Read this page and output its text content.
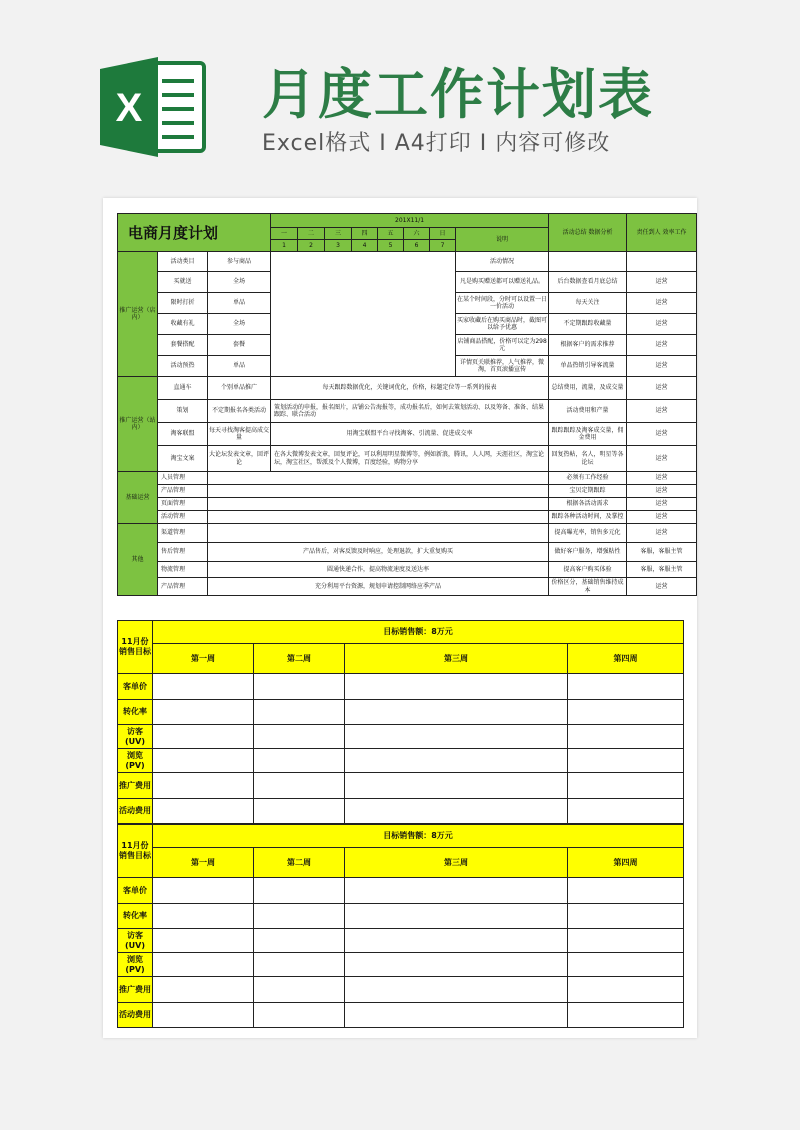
X 月度工作计划表
Excel格式 I A4打印 I 内容可修改
电商月度计划			201X11/1								活动总结 数据分析	责任到人 效率工作
			一	二	三	四	五	六	日	说明		
			1	2	3	4	5	6	7			
推广运营（店内）	活动类目	参与商品								活动情况		
	买就送	全场								凡是购买赠送都可以赠送礼品。	后台数据查看月底总结	运营
	限时打折	单品								在某个时间段，分时可以设置一日一价活动	每天关注	运营
	收藏有礼	全场								买家收藏后在购买商品时，截图可以给予优惠	不定期跟踪收藏量	运营
	套餐搭配	套餐								店铺商品搭配，价格可以定为298元	根据客户的需求推荐	运营
	活动预热	单品								详情页关联推荐，人气推荐，微淘，首页滚播宣传	单品热销引导客流量	运营
推广运营（站内）	直通车	个别单品推广	每天跟踪数据优化，关键词优化，价格，标题定位等一系列的报表								总结费用，流量，及成交量	运营
	策划	不定期报名各类活动	策划活动的申报，报名图片，店铺公告海报等，成功报名后，如何去策划活动、以及筹备、准备、结果跟踪、联合活动								活动费用和产量	运营
	淘客联盟	每天寻找淘客提高成交量	用淘宝联盟平台寻找淘客、引流量、促进成交率								跟踪跟踪及淘客成交量，佣金费用	运营
	淘宝文案	大论坛发表文章，回评论	在各大微博发表文章，回复评论，可以利用明星微博等，例如新浪，腾讯，人人网，天涯社区，淘宝论坛，淘宝社区，帮派及个人微博，百度经验，购物分享								回复热帖，名人，明星等各论坛	运营
基础运营	人员管理										必须有工作经验	运营
	产品管理										宝贝定期跟踪	运营
	页面管理										根据各活动需求	运营
	活动管理										跟踪各种活动时间，及掌控	运营
其他	渠道管理										提高曝光率，销售多元化	运营
	售后管理	产品售后，对客反馈及时响应，处理退款，扩大重复购买									做好客户服务，增强粘性	客服，客服主管
	物流管理	圆通快递合作，提高物流速度及送达率									提高客户购买体验	客服，客服主管
	产品管理	充分利用平台资源，规划申请控制网络应季产品									价格区分，基础销售维持成本	运营
11月份销售目标	目标销售额：8万元			
	第一周	第二周	第三周	第四周
客单价				
转化率				
访客(UV)				
浏览(PV)				
推广费用				
活动费用				
11月份销售目标	目标销售额：8万元			
	第一周	第二周	第三周	第四周
客单价				
转化率				
访客(UV)				
浏览(PV)				
推广费用				
活动费用				
